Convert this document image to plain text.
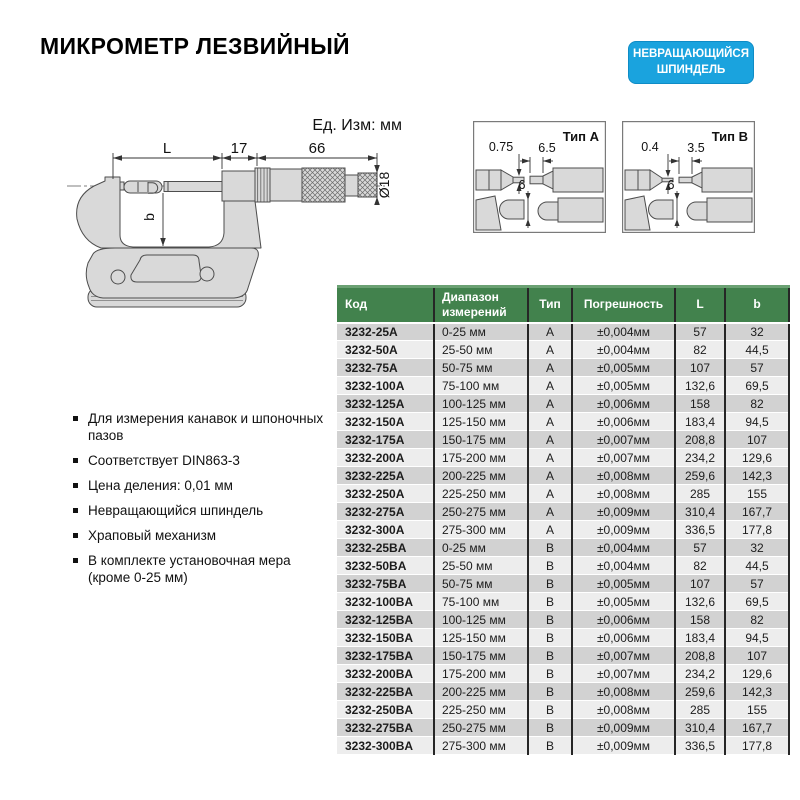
МИКРОМЕТР ЛЕЗВИЙНЫЙ	НЕВРАЩАЮЩИЙСЯ
ШПИНДЕЛЬ
Ед. Изм: мм
L	17	66
Ø18
b
Тип A
0.75 6.5
6
Тип B
0.4 3.5
6
Для измерения канавок и шпоночных пазов
Соответствует DIN863-3
Цена деления: 0,01 мм
Невращающийся шпиндель
Храповый механизм
В комплекте установочная мера (кроме 0-25 мм)
Код	Диапазон измерений	Тип	Погрешность	L	b
3232-25A	0-25 мм	A	±0,004мм	57	32
3232-50A	25-50 мм	A	±0,004мм	82	44,5
3232-75A	50-75 мм	A	±0,005мм	107	57
3232-100A	75-100 мм	A	±0,005мм	132,6	69,5
3232-125A	100-125 мм	A	±0,006мм	158	82
3232-150A	125-150 мм	A	±0,006мм	183,4	94,5
3232-175A	150-175 мм	A	±0,007мм	208,8	107
3232-200A	175-200 мм	A	±0,007мм	234,2	129,6
3232-225A	200-225 мм	A	±0,008мм	259,6	142,3
3232-250A	225-250 мм	A	±0,008мм	285	155
3232-275A	250-275 мм	A	±0,009мм	310,4	167,7
3232-300A	275-300 мм	A	±0,009мм	336,5	177,8
3232-25BA	0-25 мм	B	±0,004мм	57	32
3232-50BA	25-50 мм	B	±0,004мм	82	44,5
3232-75BA	50-75 мм	B	±0,005мм	107	57
3232-100BA	75-100 мм	B	±0,005мм	132,6	69,5
3232-125BA	100-125 мм	B	±0,006мм	158	82
3232-150BA	125-150 мм	B	±0,006мм	183,4	94,5
3232-175BA	150-175 мм	B	±0,007мм	208,8	107
3232-200BA	175-200 мм	B	±0,007мм	234,2	129,6
3232-225BA	200-225 мм	B	±0,008мм	259,6	142,3
3232-250BA	225-250 мм	B	±0,008мм	285	155
3232-275BA	250-275 мм	B	±0,009мм	310,4	167,7
3232-300BA	275-300 мм	B	±0,009мм	336,5	177,8
